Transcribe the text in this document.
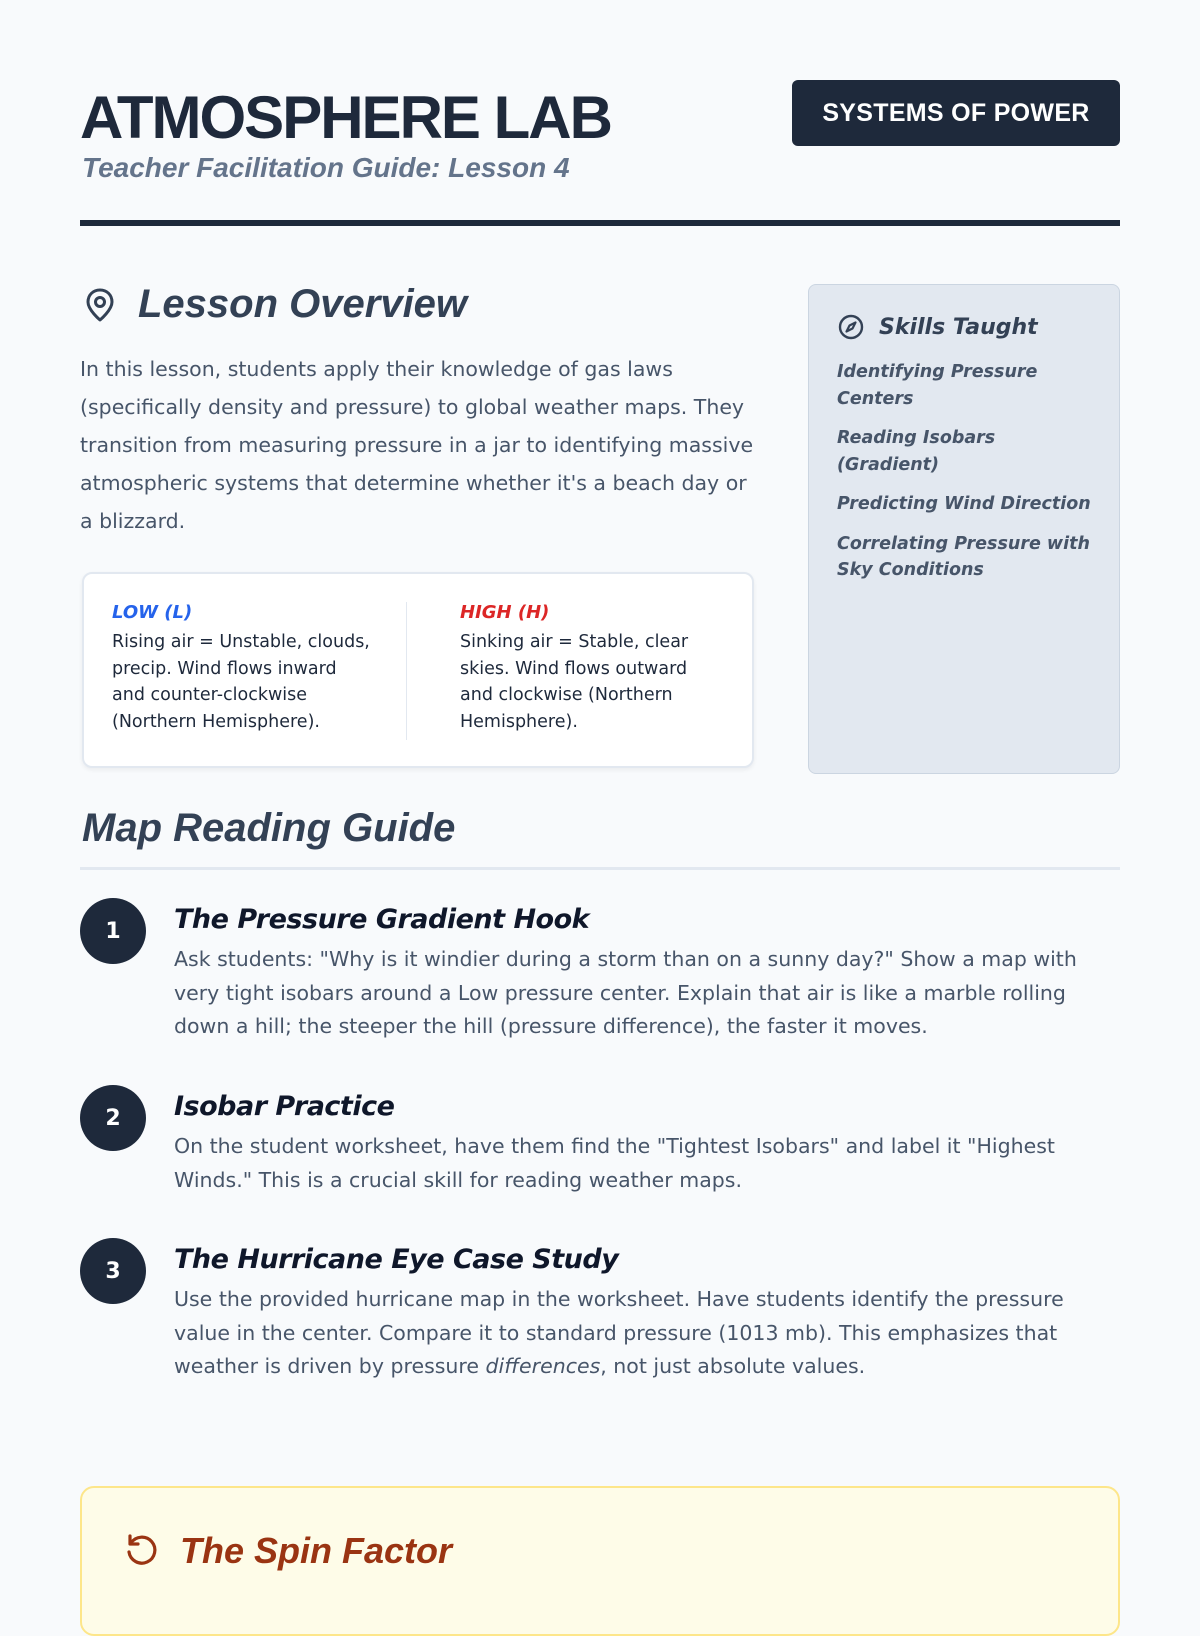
ATMOSPHERE LAB
Teacher Facilitation Guide: Lesson 4
SYSTEMS OF POWER
Lesson Overview

In this lesson, students apply their knowledge of gas laws (specifically density and pressure) to global weather maps. They transition from measuring pressure in a jar to identifying massive atmospheric systems that determine whether it's a beach day or a blizzard.

LOW (L)
Rising air = Unstable, clouds, precip. Wind flows inward and counter-clockwise (Northern Hemisphere).
HIGH (H)
Sinking air = Stable, clear skies. Wind flows outward and clockwise (Northern Hemisphere).
Skills Taught
Identifying Pressure Centers
Reading Isobars (Gradient)
Predicting Wind Direction
Correlating Pressure with Sky Conditions
Map Reading Guide
1	The Pressure Gradient Hook

Ask students: "Why is it windier during a storm than on a sunny day?" Show a map with very tight isobars around a Low pressure center. Explain that air is like a marble rolling down a hill; the steeper the hill (pressure difference), the faster it moves.

2	Isobar Practice

On the student worksheet, have them find the "Tightest Isobars" and label it "Highest Winds." This is a crucial skill for reading weather maps.

3	The Hurricane Eye Case Study

Use the provided hurricane map in the worksheet. Have students identify the pressure value in the center. Compare it to standard pressure (1013 mb). This emphasizes that weather is driven by pressure differences, not just absolute values.

The Spin Factor
